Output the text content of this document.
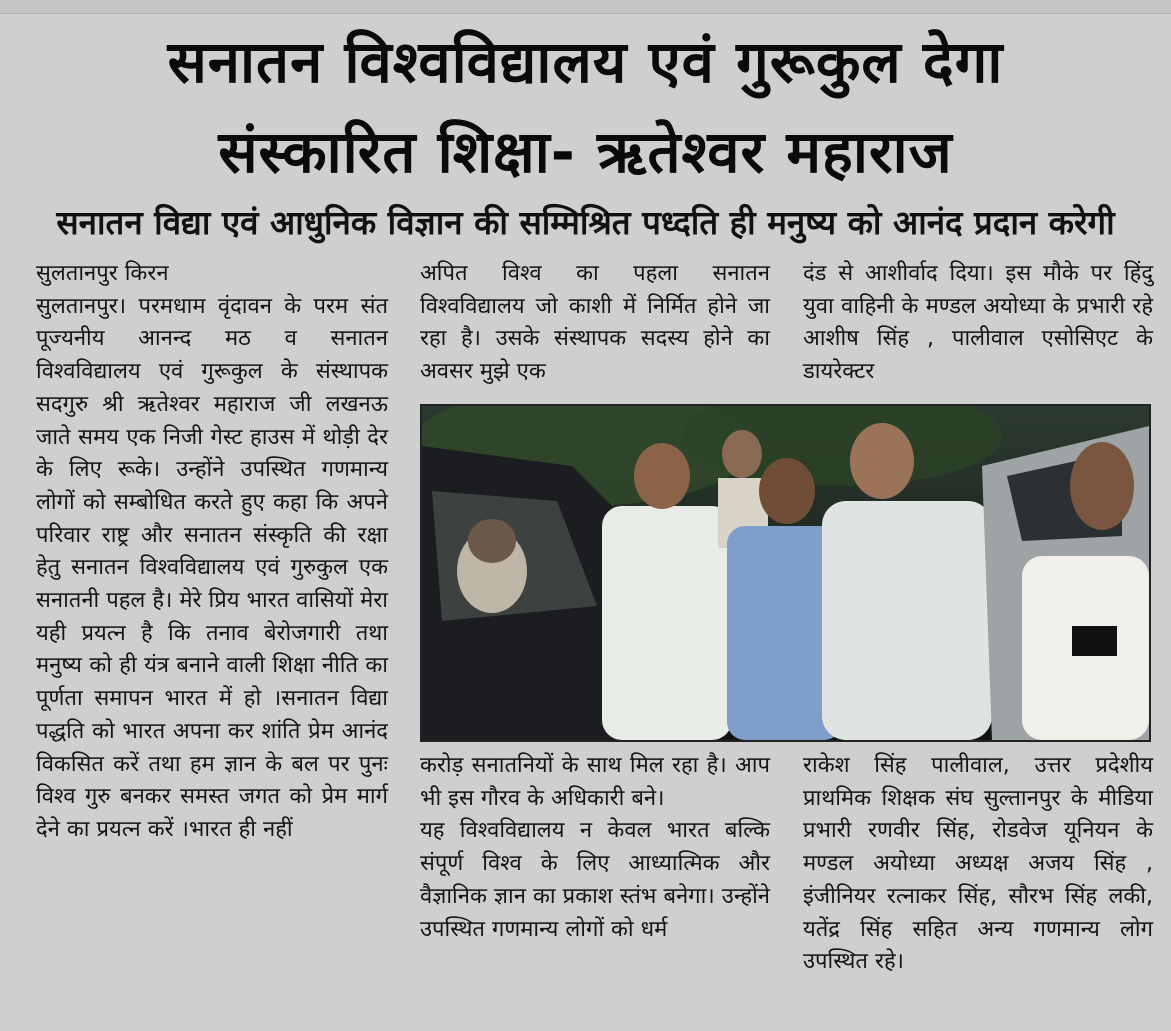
सनातन विश्वविद्यालय एवं गुरूकुल देगा
संस्कारित शिक्षा- ऋतेश्वर महाराज
सनातन विद्या एवं आधुनिक विज्ञान की सम्मिश्रित पध्दति ही मनुष्य को आनंद प्रदान करेगी

सुलतानपुर किरन

सुलतानपुर। परमधाम वृंदावन के परम संत पूज्यनीय आनन्द मठ व सनातन विश्वविद्यालय एवं गुरूकुल के संस्थापक सदगुरु श्री ऋतेश्वर महाराज जी लखनऊ जाते समय एक निजी गेस्ट हाउस में थोड़ी देर के लिए रूके। उन्होंने उपस्थित गणमान्य लोगों को सम्बोधित करते हुए कहा कि अपने परिवार राष्ट्र और सनातन संस्कृति की रक्षा हेतु सनातन विश्वविद्यालय एवं गुरुकुल एक सनातनी पहल है। मेरे प्रिय भारत वासियों मेरा यही प्रयत्न है कि तनाव बेरोजगारी तथा मनुष्य को ही यंत्र बनाने वाली शिक्षा नीति का पूर्णता समापन भारत में हो ।सनातन विद्या पद्धति को भारत अपना कर शांति प्रेम आनंद विकसित करें तथा हम ज्ञान के बल पर पुनः विश्व गुरु बनकर समस्त जगत को प्रेम मार्ग देने का प्रयत्न करें ।भारत ही नहीं

अपित विश्व का पहला सनातन विश्वविद्यालय जो काशी में निर्मित होने जा रहा है। उसके संस्थापक सदस्य होने का अवसर मुझे एक

दंड से आशीर्वाद दिया। इस मौके पर हिंदु युवा वाहिनी के मण्डल अयोध्या के प्रभारी रहे आशीष सिंह , पालीवाल एसोसिएट के डायरेक्टर

करोड़ सनातनियों के साथ मिल रहा है। आप भी इस गौरव के अधिकारी बने।

यह विश्वविद्यालय न केवल भारत बल्कि संपूर्ण विश्व के लिए आध्यात्मिक और वैज्ञानिक ज्ञान का प्रकाश स्तंभ बनेगा। उन्होंने उपस्थित गणमान्य लोगों को धर्म

राकेश सिंह पालीवाल, उत्तर प्रदेशीय प्राथमिक शिक्षक संघ सुल्तानपुर के मीडिया प्रभारी रणवीर सिंह, रोडवेज यूनियन के मण्डल अयोध्या अध्यक्ष अजय सिंह , इंजीनियर रत्नाकर सिंह, सौरभ सिंह लकी, यतेंद्र सिंह सहित अन्य गणमान्य लोग उपस्थित रहे।
